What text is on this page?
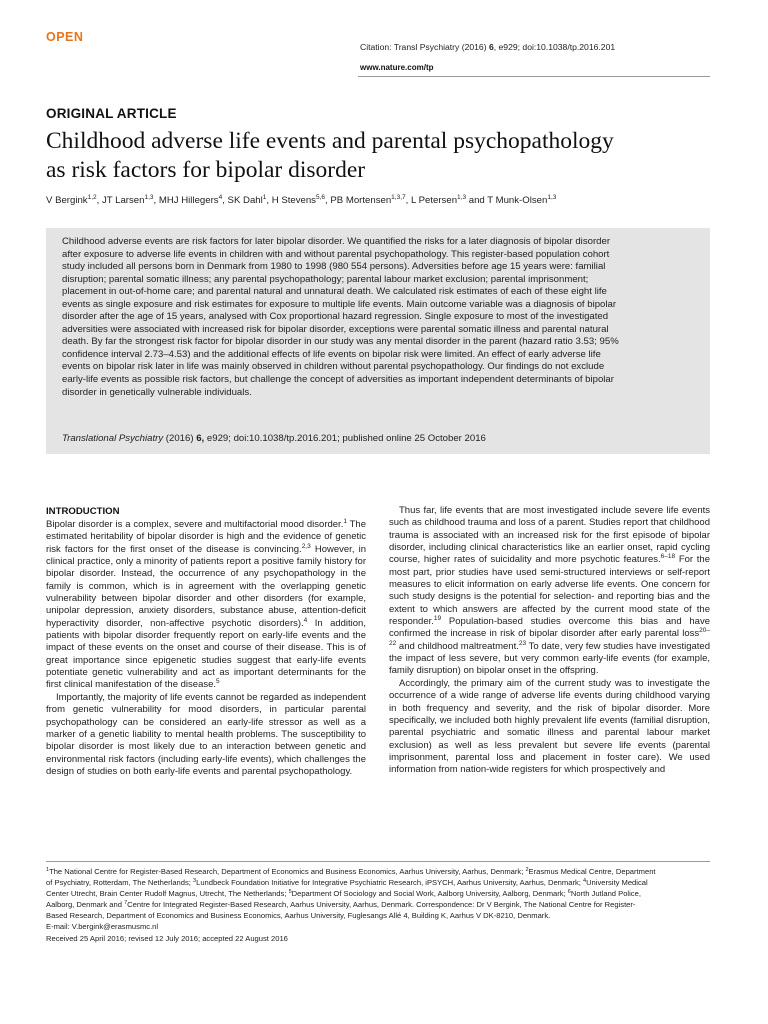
OPEN
Citation: Transl Psychiatry (2016) 6, e929; doi:10.1038/tp.2016.201
www.nature.com/tp
ORIGINAL ARTICLE
Childhood adverse life events and parental psychopathology
as risk factors for bipolar disorder
V Bergink$^{1,2}$, JT Larsen$^{1,3}$, MHJ Hillegers$^4$, SK Dahl$^1$, H Stevens$^{5,6}$, PB Mortensen$^{1,3,7}$, L Petersen$^{1,3}$ and T Munk-Olsen$^{1,3}$
Childhood adverse events are risk factors for later bipolar disorder. We quantified the risks for a later diagnosis of bipolar disorder
after exposure to adverse life events in children with and without parental psychopathology. This register-based population cohort
study included all persons born in Denmark from 1980 to 1998 (980 554 persons). Adversities before age 15 years were: familial
disruption; parental somatic illness; any parental psychopathology; parental labour market exclusion; parental imprisonment;
placement in out-of-home care; and parental natural and unnatural death. We calculated risk estimates of each of these eight life
events as single exposure and risk estimates for exposure to multiple life events. Main outcome variable was a diagnosis of bipolar
disorder after the age of 15 years, analysed with Cox proportional hazard regression. Single exposure to most of the investigated
adversities were associated with increased risk for bipolar disorder, exceptions were parental somatic illness and parental natural
death. By far the strongest risk factor for bipolar disorder in our study was any mental disorder in the parent (hazard ratio 3.53; 95%
confidence interval 2.73–4.53) and the additional effects of life events on bipolar risk were limited. An effect of early adverse life
events on bipolar risk later in life was mainly observed in children without parental psychopathology. Our findings do not exclude
early-life events as possible risk factors, but challenge the concept of adversities as important independent determinants of bipolar
disorder in genetically vulnerable individuals.
Translational Psychiatry (2016) 6, e929; doi:10.1038/tp.2016.201; published online 25 October 2016
INTRODUCTION

Bipolar disorder is a complex, severe and multifactorial mood disorder.$^1$ The estimated heritability of bipolar disorder is high and the evidence of genetic risk factors for the first onset of the disease is convincing.$^{2,3}$ However, in clinical practice, only a minority of patients report a positive family history for bipolar disorder. Instead, the occurrence of any psychopathology in the family is common, which is in agreement with the overlapping genetic vulnerability between bipolar disorder and other disorders (for example, unipolar depression, anxiety disorders, substance abuse, attention-deficit hyperactivity disorder, non-affective psychotic disorders).$^4$ In addition, patients with bipolar disorder frequently report on early-life events and the impact of these events on the onset and course of their disease. This is of great importance since epigenetic studies suggest that early-life events potentiate genetic vulnerability and act as important determinants for the first clinical manifestation of the disease.$^5$

Importantly, the majority of life events cannot be regarded as independent from genetic vulnerability for mood disorders, in particular parental psychopathology can be considered an early-life stressor as well as a marker of a genetic liability to mental health problems. The susceptibility to bipolar disorder is most likely due to an interaction between genetic and environmental risk factors (including early-life events), which challenges the design of studies on both early-life events and parental psychopathology.

Thus far, life events that are most investigated include severe life events such as childhood trauma and loss of a parent. Studies report that childhood trauma is associated with an increased risk for the first episode of bipolar disorder, including clinical characteristics like an earlier onset, rapid cycling course, higher rates of suicidality and more psychotic features.$^{6-18}$ For the most part, prior studies have used semi-structured interviews or self-report measures to elicit information on early adverse life events. One concern for such study designs is the potential for selection- and reporting bias and the extent to which answers are affected by the current mood state of the responder.$^{19}$ Population-based studies overcome this bias and have confirmed the increase in risk of bipolar disorder after early parental loss$^{20-22}$ and childhood maltreatment.$^{23}$ To date, very few studies have investigated the impact of less severe, but very common early-life events (for example, family disruption) on bipolar onset in the offspring.

Accordingly, the primary aim of the current study was to investigate the occurrence of a wide range of adverse life events during childhood varying in both frequency and severity, and the risk of bipolar disorder. More specifically, we included both highly prevalent life events (familial disruption, parental psychiatric and somatic illness and parental labour market exclusion) as well as less prevalent but severe life events (parental imprisonment, parental loss and placement in foster care). We used information from nation-wide registers for which prospectively and

$^1$The National Centre for Register-Based Research, Department of Economics and Business Economics, Aarhus University, Aarhus, Denmark; $^2$Erasmus Medical Centre, Department
of Psychiatry, Rotterdam, The Netherlands; $^3$Lundbeck Foundation Initiative for Integrative Psychiatric Research, iPSYCH, Aarhus University, Aarhus, Denmark; $^4$University Medical
Center Utrecht, Brain Center Rudolf Magnus, Utrecht, The Netherlands; $^5$Department Of Sociology and Social Work, Aalborg University, Aalborg, Denmark; $^6$North Jutland Police,
Aalborg, Denmark and $^7$Centre for Integrated Register-Based Research, Aarhus University, Aarhus, Denmark. Correspondence: Dr V Bergink, The National Centre for Register-
Based Research, Department of Economics and Business Economics, Aarhus University, Fuglesangs Allé 4, Building K, Aarhus V DK-8210, Denmark.
E-mail: V.bergink@erasmusmc.nl
Received 25 April 2016; revised 12 July 2016; accepted 22 August 2016
